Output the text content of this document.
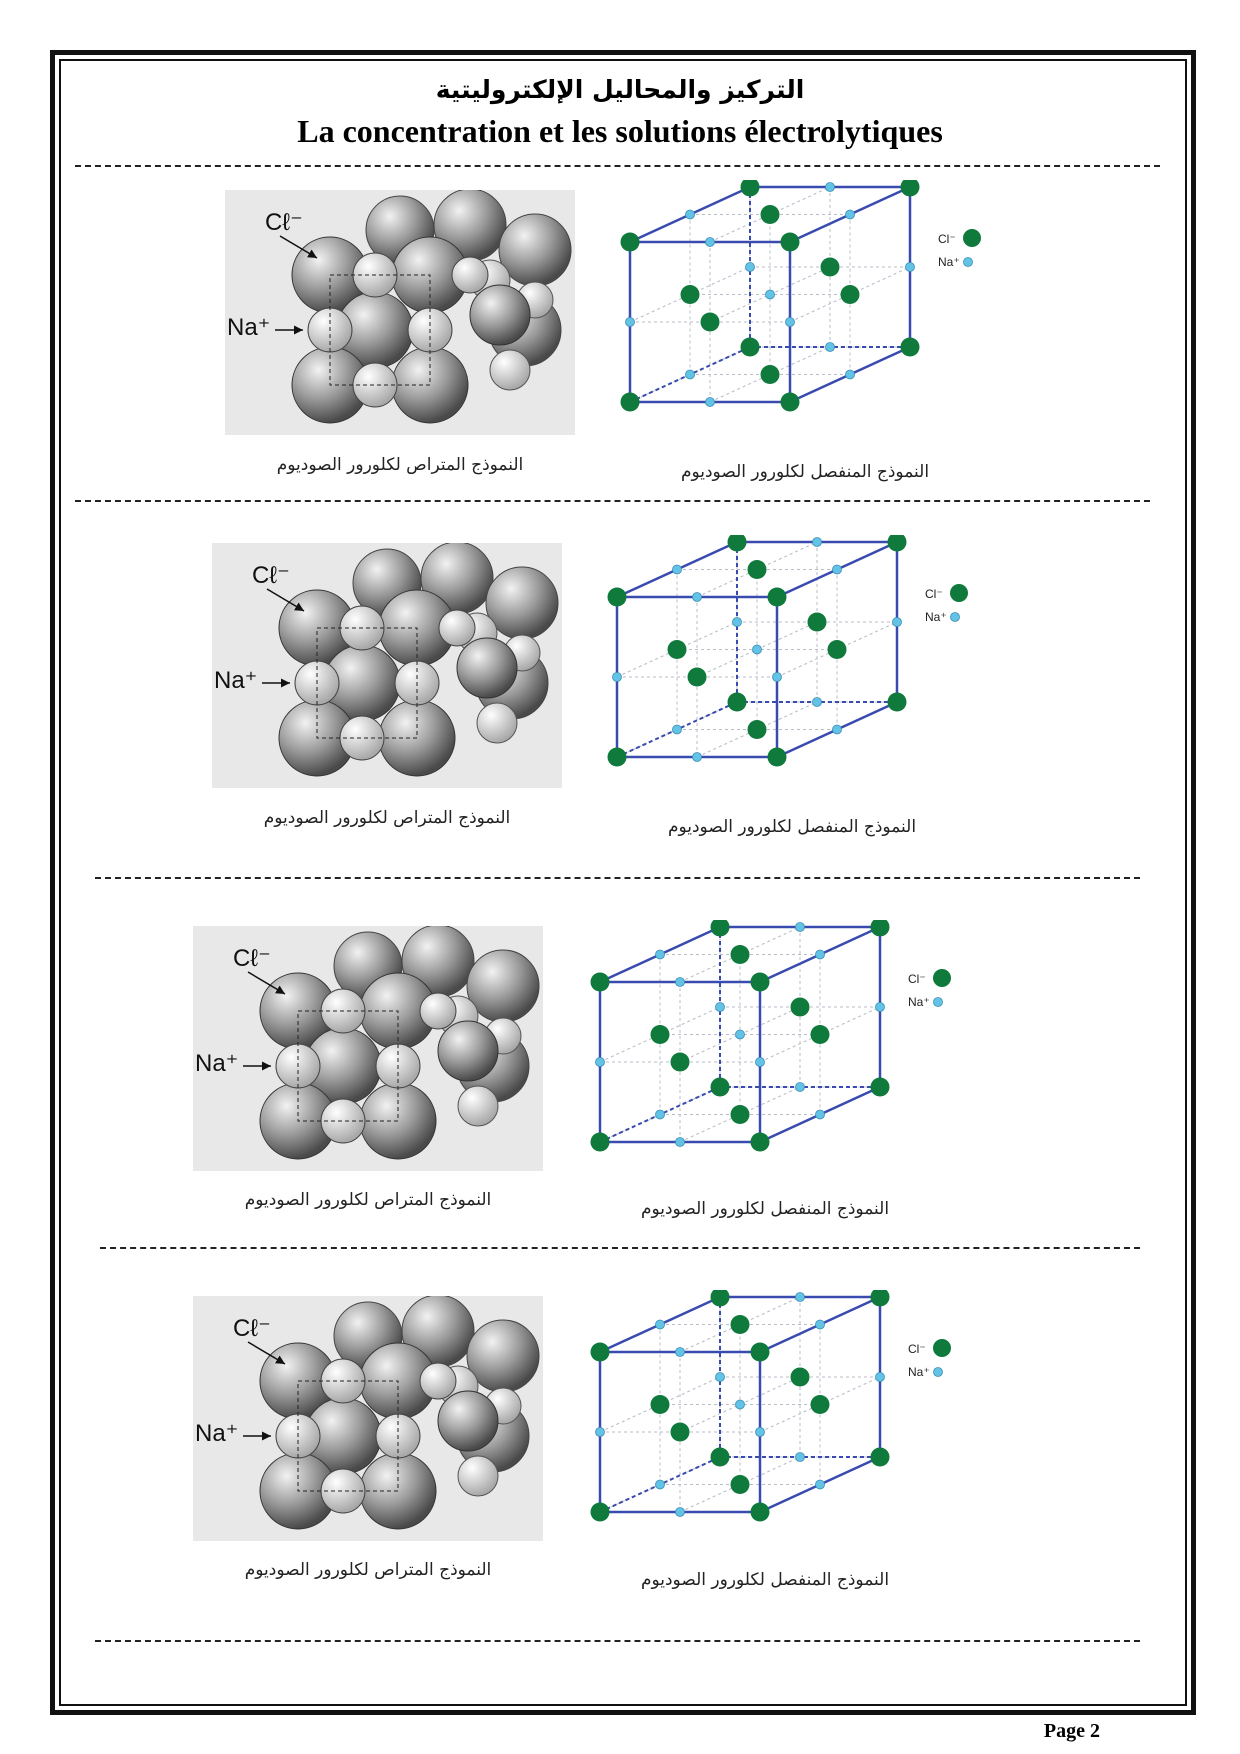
التركيز والمحاليل الإلكتروليتية
La concentration et les solutions électrolytiques
Cℓ⁻
Na⁺
النموذج المتراص لكلورور الصوديوم
Cl⁻
Na⁺
النموذج المنفصل لكلورور الصوديوم
Cℓ⁻
Na⁺
النموذج المتراص لكلورور الصوديوم
Cl⁻
Na⁺
النموذج المنفصل لكلورور الصوديوم
Cℓ⁻
Na⁺
النموذج المتراص لكلورور الصوديوم
Cl⁻
Na⁺
النموذج المنفصل لكلورور الصوديوم
Cℓ⁻
Na⁺
النموذج المتراص لكلورور الصوديوم
Cl⁻
Na⁺
النموذج المنفصل لكلورور الصوديوم
Page 2
